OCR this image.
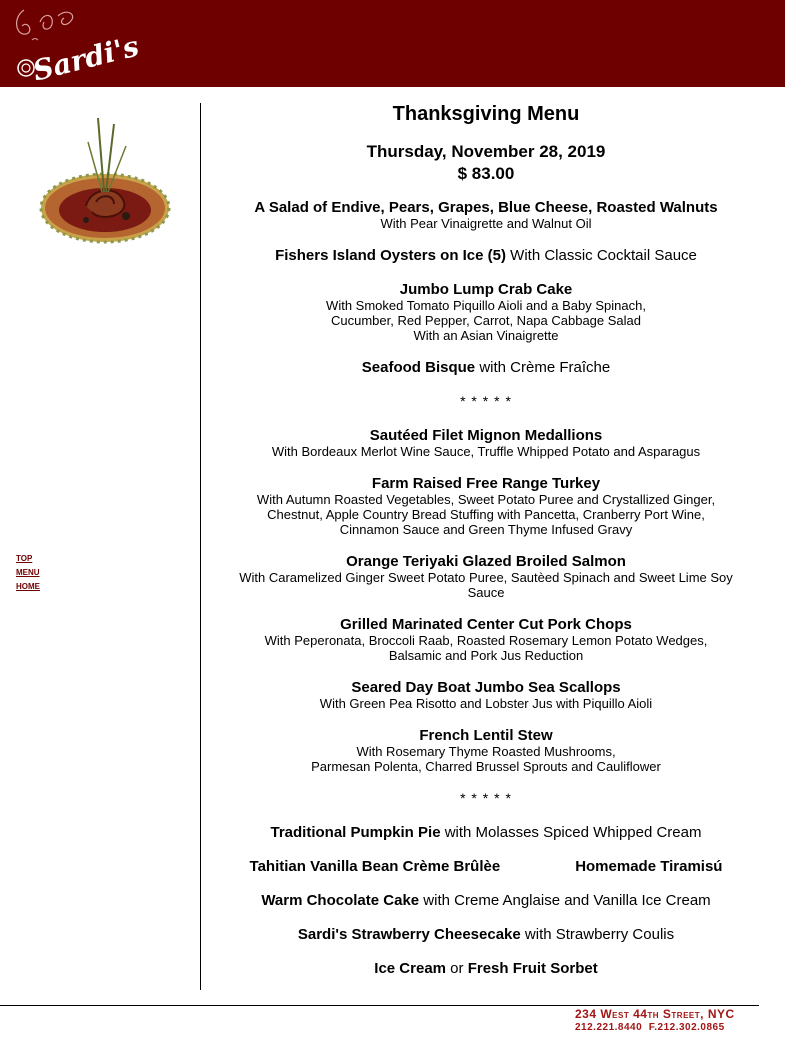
Sardi's
TOP
MENU
HOME
Thanksgiving Menu
Thursday, November 28, 2019
$ 83.00
A Salad of Endive, Pears, Grapes, Blue Cheese, Roasted Walnuts
With Pear Vinaigrette and Walnut Oil
Fishers Island Oysters on Ice (5) With Classic Cocktail Sauce
Jumbo Lump Crab Cake
With Smoked Tomato Piquillo Aioli and a Baby Spinach,
Cucumber, Red Pepper, Carrot, Napa Cabbage Salad
With an Asian Vinaigrette
Seafood Bisque with Crème Fraîche
* * * * *
Sautéed Filet Mignon Medallions
With Bordeaux Merlot Wine Sauce, Truffle Whipped Potato and Asparagus
Farm Raised Free Range Turkey
With Autumn Roasted Vegetables, Sweet Potato Puree and Crystallized Ginger,
Chestnut, Apple Country Bread Stuffing with Pancetta, Cranberry Port Wine,
Cinnamon Sauce and Green Thyme Infused Gravy
Orange Teriyaki Glazed Broiled Salmon
With Caramelized Ginger Sweet Potato Puree, Sautèed Spinach and Sweet Lime Soy
Sauce
Grilled Marinated Center Cut Pork Chops
With Peperonata, Broccoli Raab, Roasted Rosemary Lemon Potato Wedges,
Balsamic and Pork Jus Reduction
Seared Day Boat Jumbo Sea Scallops
With Green Pea Risotto and Lobster Jus with Piquillo Aioli
French Lentil Stew
With Rosemary Thyme Roasted Mushrooms,
Parmesan Polenta, Charred Brussel Sprouts and Cauliflower
* * * * *
Traditional Pumpkin Pie with Molasses Spiced Whipped Cream
Tahitian Vanilla Bean Crème Brûlèe	Homemade Tiramisú
Warm Chocolate Cake with Creme Anglaise and Vanilla Ice Cream
Sardi's Strawberry Cheesecake with Strawberry Coulis
Ice Cream or Fresh Fruit Sorbet
234 West 44th Street, NYC
212.221.8440  F.212.302.0865
